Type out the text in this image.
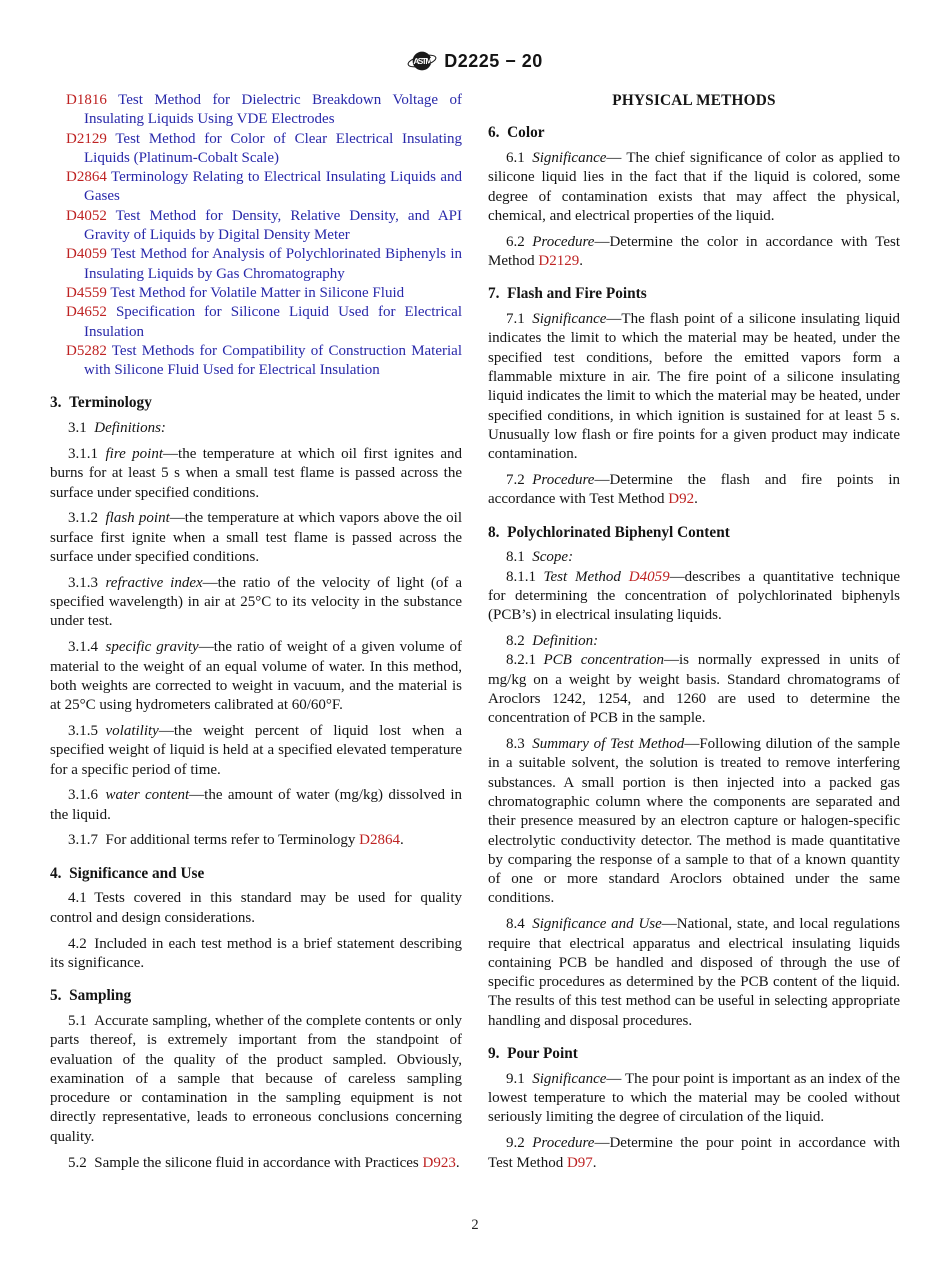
ASTM D2225 − 20
D1816 Test Method for Dielectric Breakdown Voltage of Insulating Liquids Using VDE Electrodes
D2129 Test Method for Color of Clear Electrical Insulating Liquids (Platinum-Cobalt Scale)
D2864 Terminology Relating to Electrical Insulating Liquids and Gases
D4052 Test Method for Density, Relative Density, and API Gravity of Liquids by Digital Density Meter
D4059 Test Method for Analysis of Polychlorinated Biphenyls in Insulating Liquids by Gas Chromatography
D4559 Test Method for Volatile Matter in Silicone Fluid
D4652 Specification for Silicone Liquid Used for Electrical Insulation
D5282 Test Methods for Compatibility of Construction Material with Silicone Fluid Used for Electrical Insulation
3. Terminology

3.1 Definitions:

3.1.1 fire point—the temperature at which oil first ignites and burns for at least 5 s when a small test flame is passed across the surface under specified conditions.

3.1.2 flash point—the temperature at which vapors above the oil surface first ignite when a small test flame is passed across the surface under specified conditions.

3.1.3 refractive index—the ratio of the velocity of light (of a specified wavelength) in air at 25°C to its velocity in the substance under test.

3.1.4 specific gravity—the ratio of weight of a given volume of material to the weight of an equal volume of water. In this method, both weights are corrected to weight in vacuum, and the material is at 25°C using hydrometers calibrated at 60/60°F.

3.1.5 volatility—the weight percent of liquid lost when a specified weight of liquid is held at a specified elevated temperature for a specific period of time.

3.1.6 water content—the amount of water (mg/kg) dissolved in the liquid.

3.1.7 For additional terms refer to Terminology D2864.

4. Significance and Use

4.1 Tests covered in this standard may be used for quality control and design considerations.

4.2 Included in each test method is a brief statement describing its significance.

5. Sampling

5.1 Accurate sampling, whether of the complete contents or only parts thereof, is extremely important from the standpoint of evaluation of the quality of the product sampled. Obviously, examination of a sample that because of careless sampling procedure or contamination in the sampling equipment is not directly representative, leads to erroneous conclusions concerning quality.

5.2 Sample the silicone fluid in accordance with Practices D923.

PHYSICAL METHODS
6. Color

6.1 Significance— The chief significance of color as applied to silicone liquid lies in the fact that if the liquid is colored, some degree of contamination exists that may affect the physical, chemical, and electrical properties of the liquid.

6.2 Procedure—Determine the color in accordance with Test Method D2129.

7. Flash and Fire Points

7.1 Significance—The flash point of a silicone insulating liquid indicates the limit to which the material may be heated, under the specified test conditions, before the emitted vapors form a flammable mixture in air. The fire point of a silicone insulating liquid indicates the limit to which the material may be heated, under specified conditions, in which ignition is sustained for at least 5 s. Unusually low flash or fire points for a given product may indicate contamination.

7.2 Procedure—Determine the flash and fire points in accordance with Test Method D92.

8. Polychlorinated Biphenyl Content

8.1 Scope:

8.1.1 Test Method D4059—describes a quantitative technique for determining the concentration of polychlorinated biphenyls (PCB’s) in electrical insulating liquids.

8.2 Definition:

8.2.1 PCB concentration—is normally expressed in units of mg/kg on a weight by weight basis. Standard chromatograms of Aroclors 1242, 1254, and 1260 are used to determine the concentration of PCB in the sample.

8.3 Summary of Test Method—Following dilution of the sample in a suitable solvent, the solution is treated to remove interfering substances. A small portion is then injected into a packed gas chromatographic column where the components are separated and their presence measured by an electron capture or halogen-specific electrolytic conductivity detector. The method is made quantitative by comparing the response of a sample to that of a known quantity of one or more standard Aroclors obtained under the same conditions.

8.4 Significance and Use—National, state, and local regulations require that electrical apparatus and electrical insulating liquids containing PCB be handled and disposed of through the use of specific procedures as determined by the PCB content of the liquid. The results of this test method can be useful in selecting appropriate handling and disposal procedures.

9. Pour Point

9.1 Significance— The pour point is important as an index of the lowest temperature to which the material may be cooled without seriously limiting the degree of circulation of the liquid.

9.2 Procedure—Determine the pour point in accordance with Test Method D97.

2
